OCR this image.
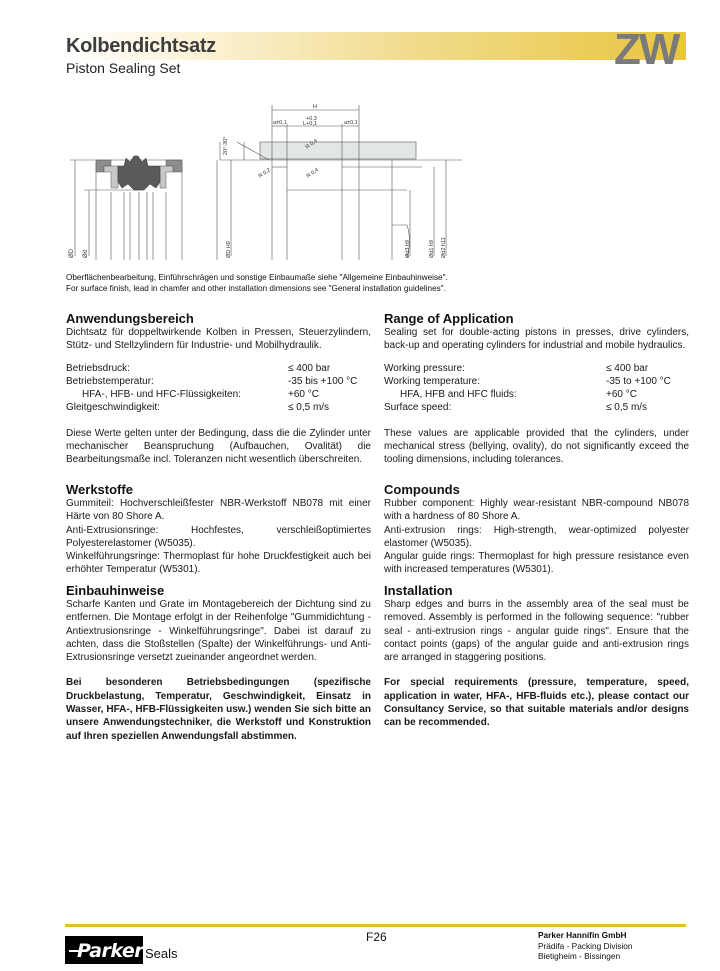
Kolbendichtsatz
Piston Sealing Set	ZW
ØD Ød
H
a±0,1
+0,3
L+0,1	a±0,1
R 0,4
R 0,4
R 0,2
20°-30°
ØD H9	Ød3 h9	Ød1 h9 Ød2 h11
Oberflächenbearbeitung, Einführschrägen und sonstige Einbaumaße siehe "Allgemeine Einbauhinweise".
For surface finish, lead in chamfer and other installation dimensions see "General installation guidelines".
Anwendungsbereich
Dichtsatz für doppeltwirkende Kolben in Pressen, Steuerzylindern, Stütz- und Stellzylindern für Industrie- und Mobilhydraulik.
Betriebsdruck:	≤ 400 bar
Betriebstemperatur:	-35 bis +100 °C
HFA-, HFB- und HFC-Flüssigkeiten:	+60 °C
Gleitgeschwindigkeit:	≤ 0,5 m/s
Diese Werte gelten unter der Bedingung, dass die die Zylinder unter mechanischer Beanspruchung (Aufbauchen, Ovalität) die Bearbeitungsmaße incl. Toleranzen nicht wesentlich überschreiten.
Werkstoffe
Gummiteil: Hochverschleißfester NBR-Werkstoff NB078 mit einer Härte von 80 Shore A.
Anti-Extrusionsringe: Hochfestes, verschleißoptimiertes Polyesterelastomer (W5035).
Winkelführungsringe: Thermoplast für hohe Druckfestigkeit auch bei erhöhter Temperatur (W5301).
Einbauhinweise
Scharfe Kanten und Grate im Montagebereich der Dichtung sind zu entfernen. Die Montage erfolgt in der Reihenfolge "Gummidichtung - Antiextrusionsringe - Winkelführungsringe". Dabei ist darauf zu achten, dass die Stoßstellen (Spalte) der Winkelführungs- und Anti-Extrusionsringe versetzt zueinander angeordnet werden.
Bei besonderen Betriebsbedingungen (spezifische Druckbelastung, Temperatur, Geschwindigkeit, Einsatz in Wasser, HFA-, HFB-Flüssigkeiten usw.) wenden Sie sich bitte an unsere Anwendungstechniker, die Werkstoff und Konstruktion auf Ihren speziellen Anwendungsfall abstimmen.
Range of Application
Sealing set for double-acting pistons in presses, drive cylinders, back-up and operating cylinders for industrial and mobile hydraulics.
Working pressure:	≤ 400 bar
Working temperature:	-35 to +100 °C
HFA, HFB and HFC fluids:	+60 °C
Surface speed:	≤ 0,5 m/s
These values are applicable provided that the cylinders, under mechanical stress (bellying, ovality), do not significantly exceed the tooling dimensions, including tolerances.
Compounds
Rubber component: Highly wear-resistant NBR-compound NB078 with a hardness of 80 Shore A.
Anti-extrusion rings: High-strength, wear-optimized polyester elastomer (W5035).
Angular guide rings: Thermoplast for high pressure resistance even with increased temperatures (W5301).
Installation
Sharp edges and burrs in the assembly area of the seal must be removed. Assembly is performed in the following sequence: "rubber seal - anti-extrusion rings - angular guide rings". Ensure that the contact points (gaps) of the angular guide and anti-extrusion rings are arranged in staggering positions.
For special requirements (pressure, temperature, speed, application in water, HFA-, HFB-fluids etc.), please contact our Consultancy Service, so that suitable materials and/or designs can be recommended.
Parker Seals
F26	Parker Hannifin GmbH
Prädifa - Packing Division
Bietigheim - Bissingen
